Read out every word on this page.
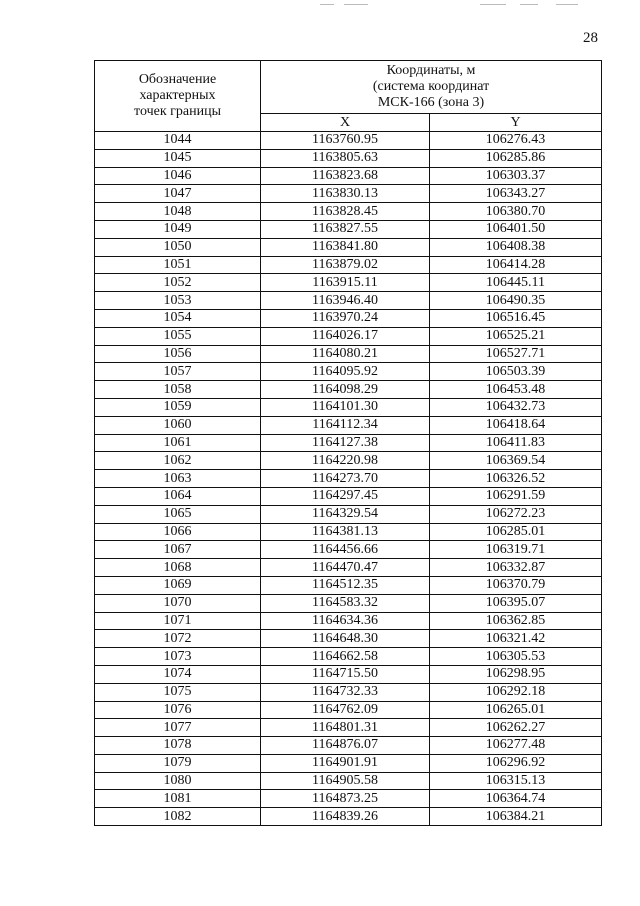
28
Обозначение
характерных
точек границы	Координаты, м
(система координат
МСК-166 (зона 3)	

	X	Y
1044	1163760.95	106276.43
1045	1163805.63	106285.86
1046	1163823.68	106303.37
1047	1163830.13	106343.27
1048	1163828.45	106380.70
1049	1163827.55	106401.50
1050	1163841.80	106408.38
1051	1163879.02	106414.28
1052	1163915.11	106445.11
1053	1163946.40	106490.35
1054	1163970.24	106516.45
1055	1164026.17	106525.21
1056	1164080.21	106527.71
1057	1164095.92	106503.39
1058	1164098.29	106453.48
1059	1164101.30	106432.73
1060	1164112.34	106418.64
1061	1164127.38	106411.83
1062	1164220.98	106369.54
1063	1164273.70	106326.52
1064	1164297.45	106291.59
1065	1164329.54	106272.23
1066	1164381.13	106285.01
1067	1164456.66	106319.71
1068	1164470.47	106332.87
1069	1164512.35	106370.79
1070	1164583.32	106395.07
1071	1164634.36	106362.85
1072	1164648.30	106321.42
1073	1164662.58	106305.53
1074	1164715.50	106298.95
1075	1164732.33	106292.18
1076	1164762.09	106265.01
1077	1164801.31	106262.27
1078	1164876.07	106277.48
1079	1164901.91	106296.92
1080	1164905.58	106315.13
1081	1164873.25	106364.74
1082	1164839.26	106384.21
